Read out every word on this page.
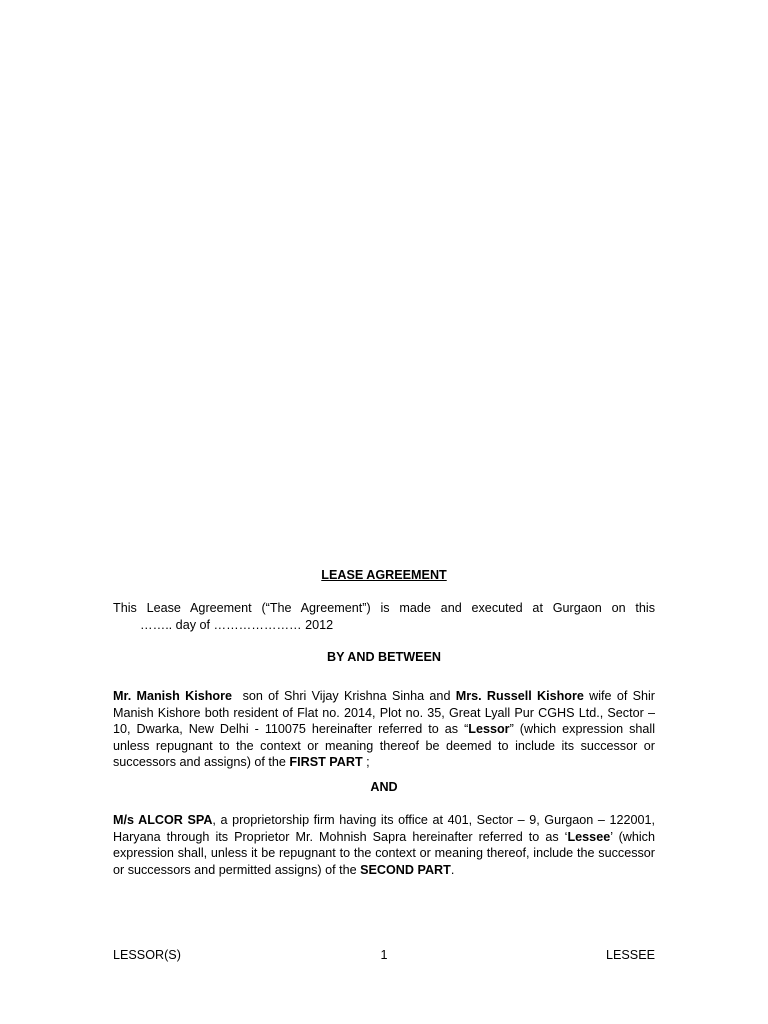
LEASE AGREEMENT
This Lease Agreement (“The Agreement”) is made and executed at Gurgaon on this
…….. day of ………………… 2012
BY AND BETWEEN
Mr. Manish Kishore  son of Shri Vijay Krishna Sinha and Mrs. Russell Kishore wife of Shir Manish Kishore both resident of Flat no. 2014, Plot no. 35, Great Lyall Pur CGHS Ltd., Sector – 10, Dwarka, New Delhi - 110075 hereinafter referred to as “Lessor” (which expression shall unless repugnant to the context or meaning thereof be deemed to include its successor or successors and assigns) of the FIRST PART ;
AND
M/s ALCOR SPA, a proprietorship firm having its office at 401, Sector – 9, Gurgaon – 122001, Haryana through its Proprietor Mr. Mohnish Sapra hereinafter referred to as ‘Lessee’ (which expression shall, unless it be repugnant to the context or meaning thereof, include the successor or successors and permitted assigns) of the SECOND PART.
LESSOR(S)	1	LESSEE
